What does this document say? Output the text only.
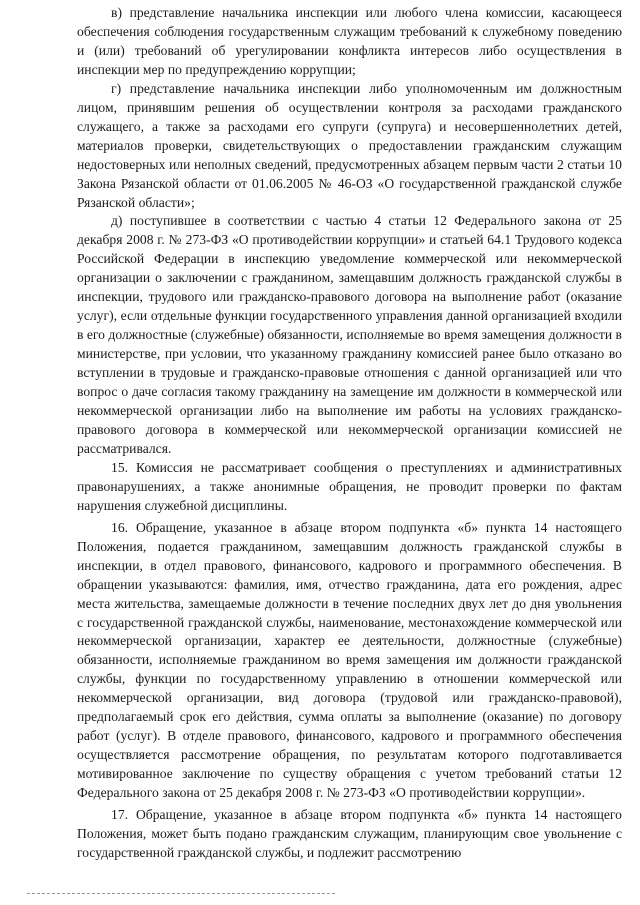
в) представление начальника инспекции или любого члена комиссии, касающееся обеспечения соблюдения государственным служащим требований к служебному поведению и (или) требований об урегулировании конфликта интересов либо осуществления в инспекции мер по предупреждению коррупции;

г) представление начальника инспекции либо уполномоченным им должностным лицом, принявшим решения об осуществлении контроля за расходами гражданского служащего, а также за расходами его супруги (супруга) и несовершеннолетних детей, материалов проверки, свидетельствующих о предоставлении гражданским служащим недостоверных или неполных сведений, предусмотренных абзацем первым части 2 статьи 10 Закона Рязанской области от 01.06.2005 № 46-ОЗ «О государственной гражданской службе Рязанской области»;

д) поступившее в соответствии с частью 4 статьи 12 Федерального закона от 25 декабря 2008 г. № 273-ФЗ «О противодействии коррупции» и статьей 64.1 Трудового кодекса Российской Федерации в инспекцию уведомление коммерческой или некоммерческой организации о заключении с гражданином, замещавшим должность гражданской службы в инспекции, трудового или гражданско-правового договора на выполнение работ (оказание услуг), если отдельные функции государственного управления данной организацией входили в его должностные (служебные) обязанности, исполняемые во время замещения должности в министерстве, при условии, что указанному гражданину комиссией ранее было отказано во вступлении в трудовые и гражданско-правовые отношения с данной организацией или что вопрос о даче согласия такому гражданину на замещение им должности в коммерческой или некоммерческой организации либо на выполнение им работы на условиях гражданско-правового договора в коммерческой или некоммерческой организации комиссией не рассматривался.

15. Комиссия не рассматривает сообщения о преступлениях и административных правонарушениях, а также анонимные обращения, не проводит проверки по фактам нарушения служебной дисциплины.

16. Обращение, указанное в абзаце втором подпункта «б» пункта 14 настоящего Положения, подается гражданином, замещавшим должность гражданской службы в инспекции, в отдел правового, финансового, кадрового и программного обеспечения. В обращении указываются: фамилия, имя, отчество гражданина, дата его рождения, адрес места жительства, замещаемые должности в течение последних двух лет до дня увольнения с государственной гражданской службы, наименование, местонахождение коммерческой или некоммерческой организации, характер ее деятельности, должностные (служебные) обязанности, исполняемые гражданином во время замещения им должности гражданской службы, функции по государственному управлению в отношении коммерческой или некоммерческой организации, вид договора (трудовой или гражданско-правовой), предполагаемый срок его действия, сумма оплаты за выполнение (оказание) по договору работ (услуг). В отделе правового, финансового, кадрового и программного обеспечения осуществляется рассмотрение обращения, по результатам которого подготавливается мотивированное заключение по существу обращения с учетом требований статьи 12 Федерального закона от 25 декабря 2008 г. № 273-ФЗ «О противодействии коррупции».

17. Обращение, указанное в абзаце втором подпункта «б» пункта 14 настоящего Положения, может быть подано гражданским служащим, планирующим свое увольнение с государственной гражданской службы, и подлежит рассмотрению
